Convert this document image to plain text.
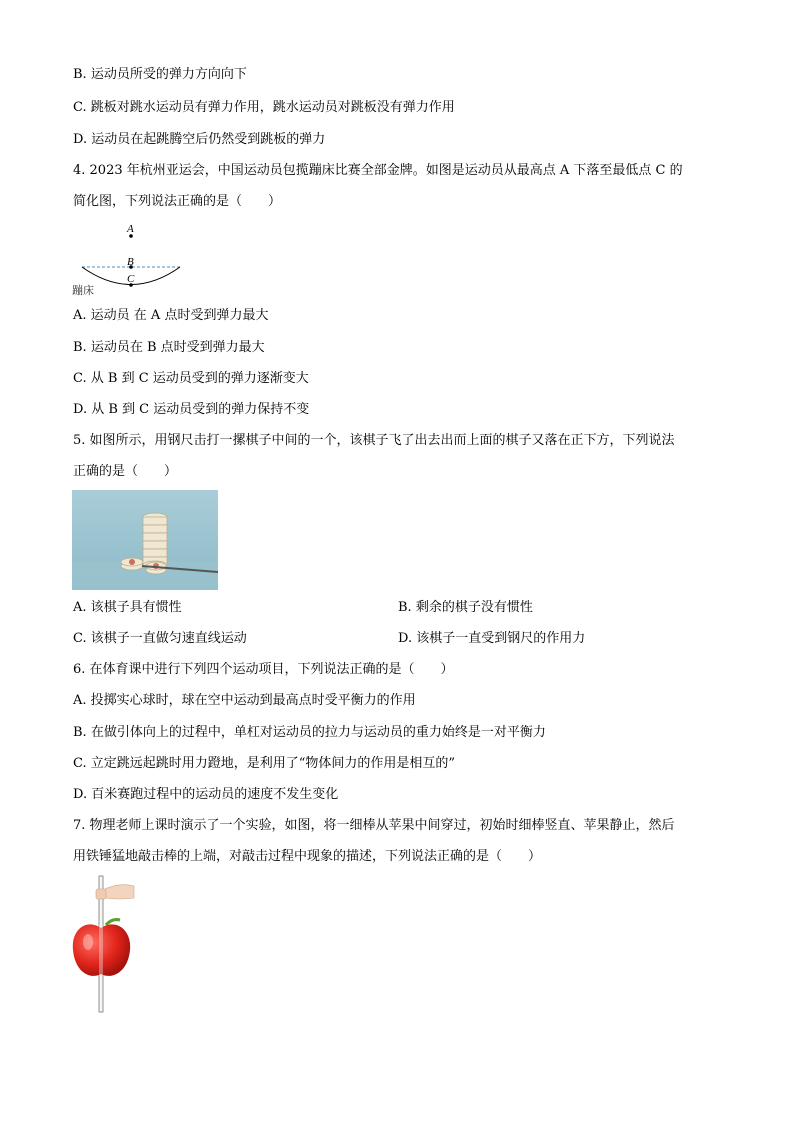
B. 运动员所受的弹力方向向下
C. 跳板对跳水运动员有弹力作用，跳水运动员对跳板没有弹力作用
D. 运动员在起跳腾空后仍然受到跳板的弹力
4. 2023 年杭州亚运会，中国运动员包揽蹦床比赛全部金牌。如图是运动员从最高点 A 下落至最低点 C 的
简化图，下列说法正确的是（　　）
A
B
C
蹦床
A. 运动员 在 A 点时受到弹力最大
B. 运动员在 B 点时受到弹力最大
C. 从 B 到 C 运动员受到的弹力逐渐变大
D. 从 B 到 C 运动员受到的弹力保持不变
5. 如图所示，用钢尺击打一摞棋子中间的一个，该棋子飞了出去出而上面的棋子又落在正下方，下列说法
正确的是（　　）
A. 该棋子具有惯性	B. 剩余的棋子没有惯性
C. 该棋子一直做匀速直线运动	D. 该棋子一直受到钢尺的作用力
6. 在体育课中进行下列四个运动项目，下列说法正确的是（　　）
A. 投掷实心球时，球在空中运动到最高点时受平衡力的作用
B. 在做引体向上的过程中，单杠对运动员的拉力与运动员的重力始终是一对平衡力
C. 立定跳远起跳时用力蹬地，是利用了“物体间力的作用是相互的”
D. 百米赛跑过程中的运动员的速度不发生变化
7. 物理老师上课时演示了一个实验，如图，将一细棒从苹果中间穿过，初始时细棒竖直、苹果静止，然后
用铁锤猛地敲击棒的上端，对敲击过程中现象的描述，下列说法正确的是（　　）
